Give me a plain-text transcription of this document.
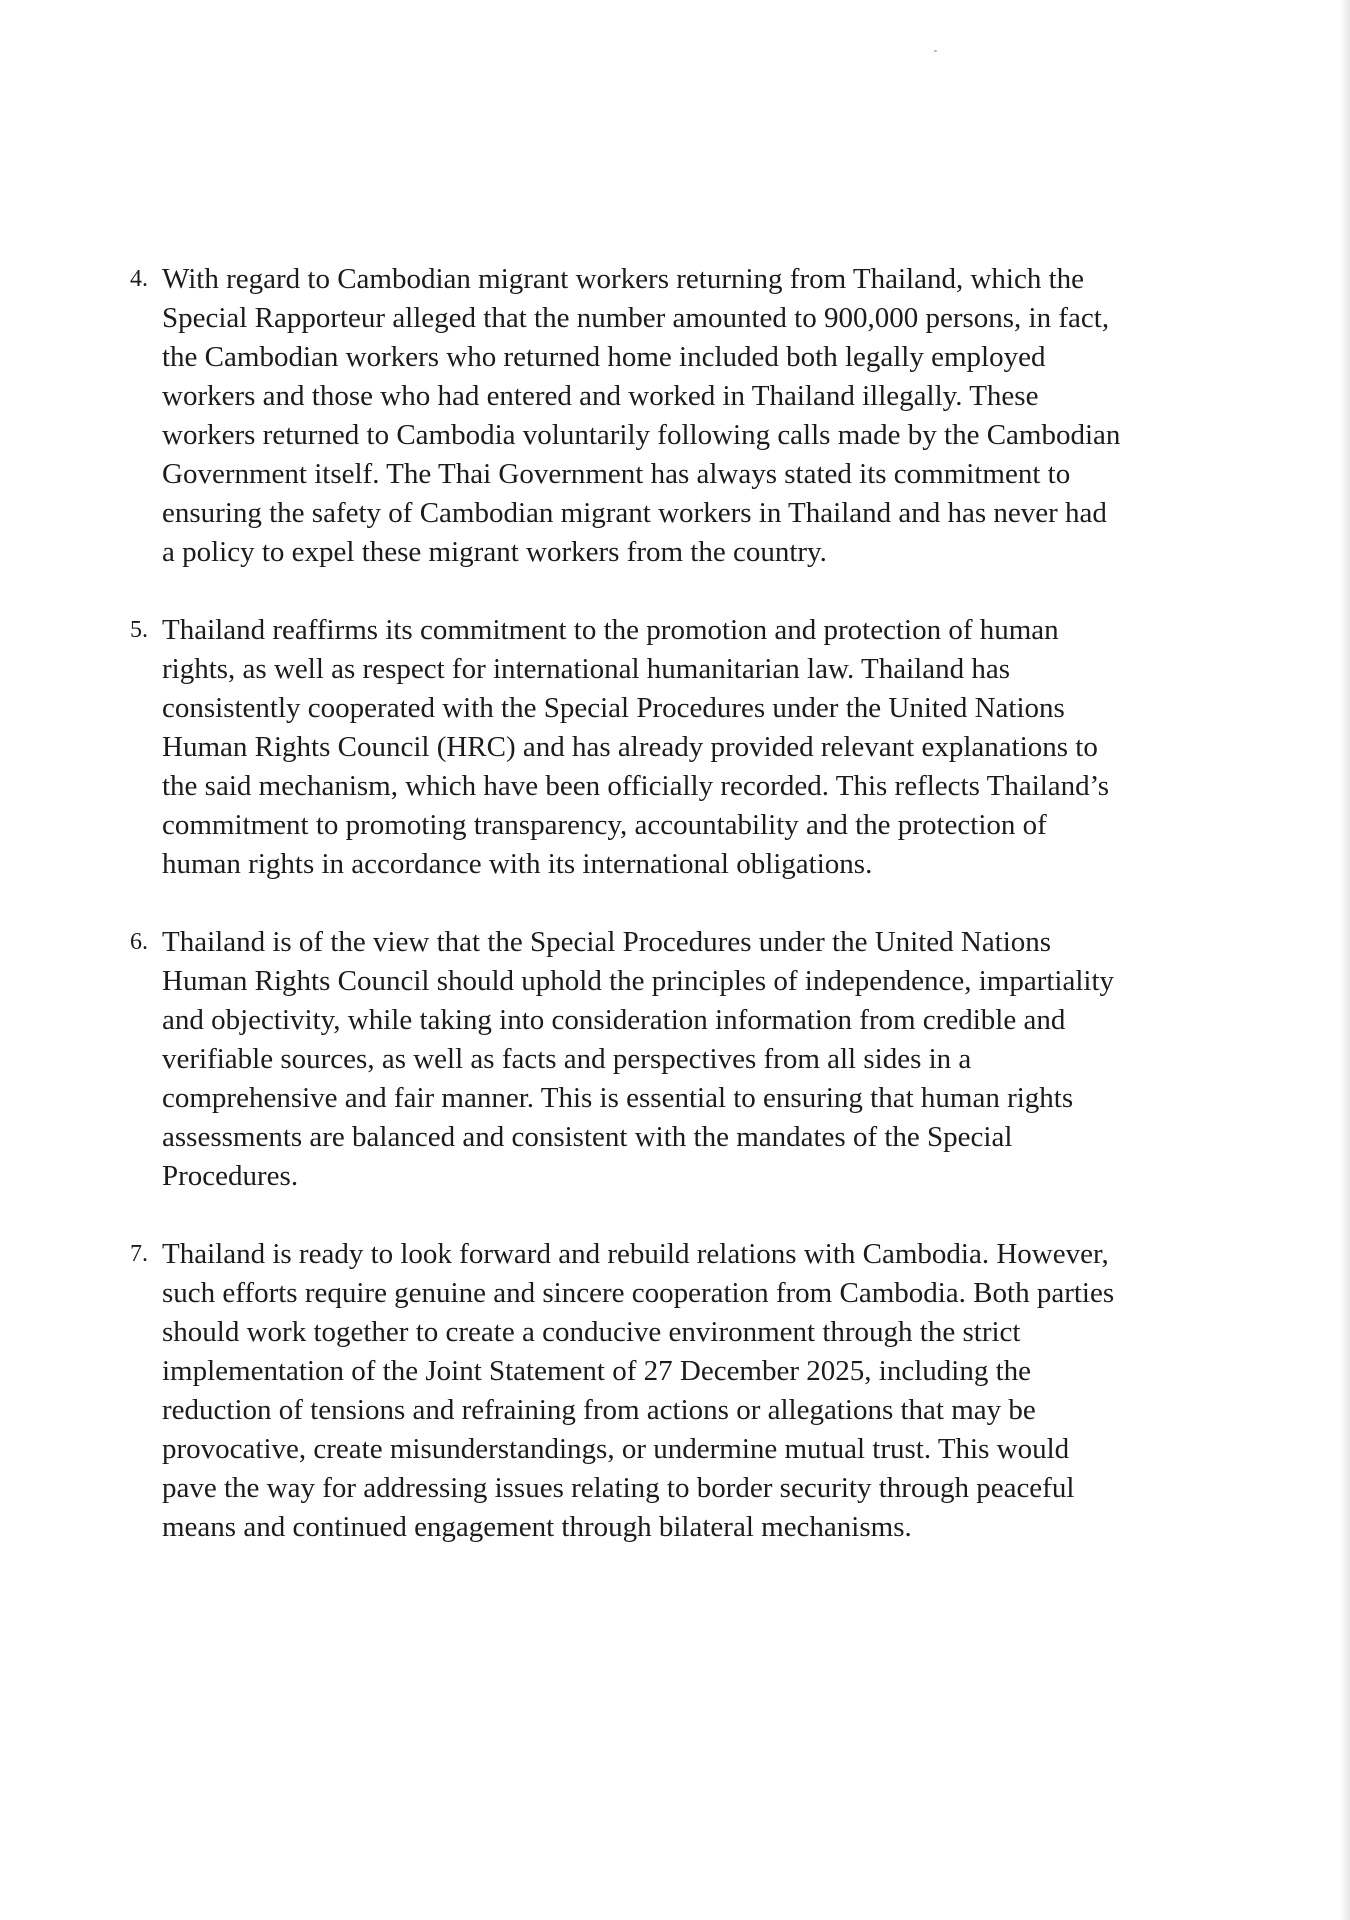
4. With regard to Cambodian migrant workers returning from Thailand, which the
Special Rapporteur alleged that the number amounted to 900,000 persons, in fact,
the Cambodian workers who returned home included both legally employed
workers and those who had entered and worked in Thailand illegally. These
workers returned to Cambodia voluntarily following calls made by the Cambodian
Government itself. The Thai Government has always stated its commitment to
ensuring the safety of Cambodian migrant workers in Thailand and has never had
a policy to expel these migrant workers from the country.
5. Thailand reaffirms its commitment to the promotion and protection of human
rights, as well as respect for international humanitarian law. Thailand has
consistently cooperated with the Special Procedures under the United Nations
Human Rights Council (HRC) and has already provided relevant explanations to
the said mechanism, which have been officially recorded. This reflects Thailand’s
commitment to promoting transparency, accountability and the protection of
human rights in accordance with its international obligations.
6. Thailand is of the view that the Special Procedures under the United Nations
Human Rights Council should uphold the principles of independence, impartiality
and objectivity, while taking into consideration information from credible and
verifiable sources, as well as facts and perspectives from all sides in a
comprehensive and fair manner. This is essential to ensuring that human rights
assessments are balanced and consistent with the mandates of the Special
Procedures.
7. Thailand is ready to look forward and rebuild relations with Cambodia. However,
such efforts require genuine and sincere cooperation from Cambodia. Both parties
should work together to create a conducive environment through the strict
implementation of the Joint Statement of 27 December 2025, including the
reduction of tensions and refraining from actions or allegations that may be
provocative, create misunderstandings, or undermine mutual trust. This would
pave the way for addressing issues relating to border security through peaceful
means and continued engagement through bilateral mechanisms.
